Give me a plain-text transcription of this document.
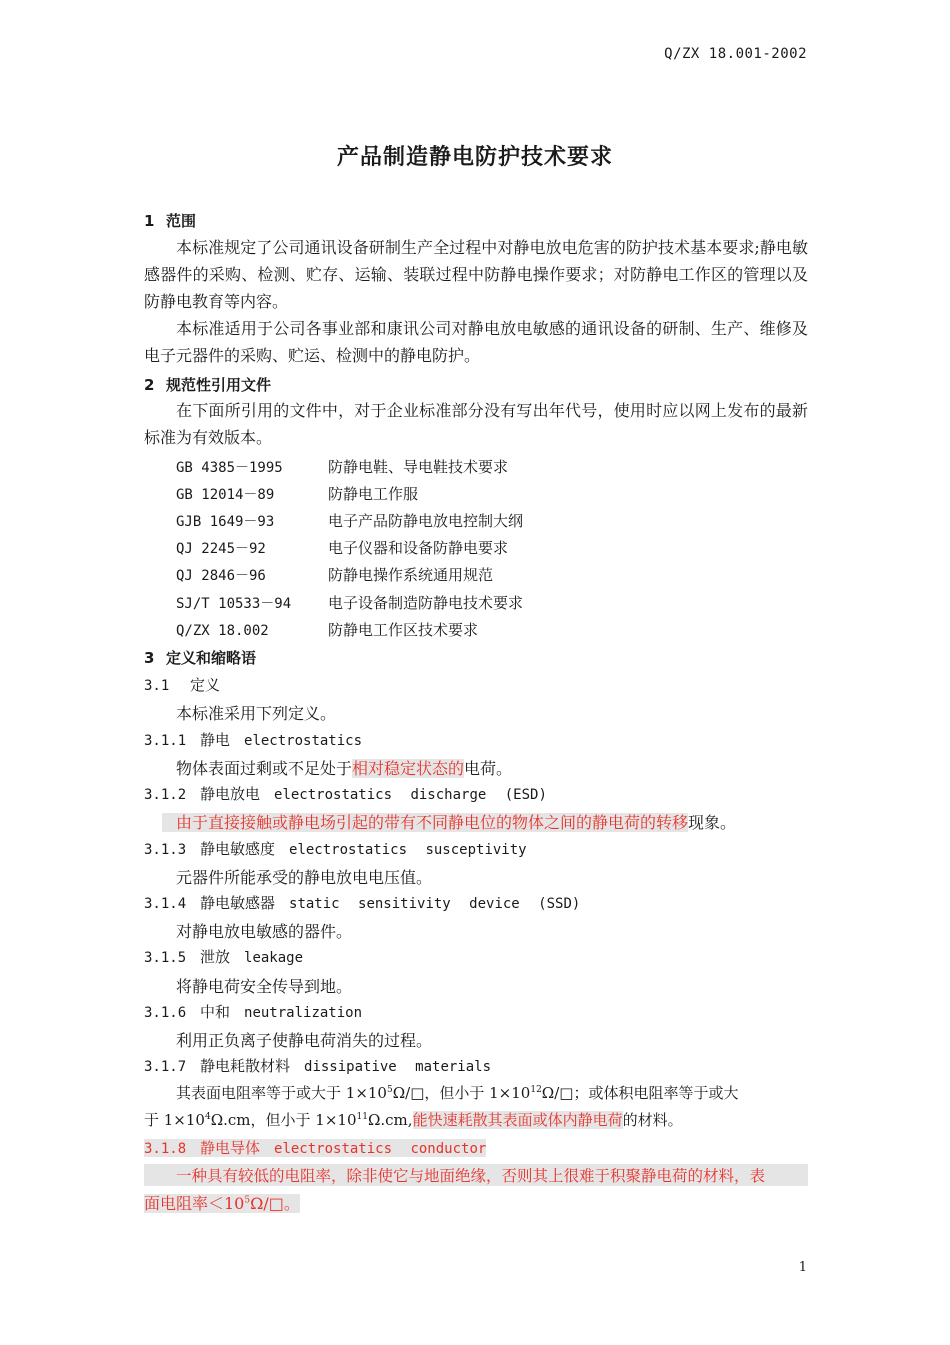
Q/ZX 18.001-2002
产品制造静电防护技术要求
1 范围
本标准规定了公司通讯设备研制生产全过程中对静电放电危害的防护技术基本要求;静电敏感器件的采购、检测、贮存、运输、装联过程中防静电操作要求；对防静电工作区的管理以及防静电教育等内容。
本标准适用于公司各事业部和康讯公司对静电放电敏感的通讯设备的研制、生产、维修及电子元器件的采购、贮运、检测中的静电防护。
2 规范性引用文件
在下面所引用的文件中，对于企业标准部分没有写出年代号，使用时应以网上发布的最新标准为有效版本。
GB 4385－1995	防静电鞋、导电鞋技术要求
GB 12014－89	防静电工作服
GJB 1649－93	电子产品防静电放电控制大纲
QJ 2245－92	电子仪器和设备防静电要求
QJ 2846－96	防静电操作系统通用规范
SJ/T 10533－94 电子设备制造防静电技术要求
Q/ZX 18.002	防静电工作区技术要求
3 定义和缩略语
3.1 定义
本标准采用下列定义。
3.1.1 静电 electrostatics
物体表面过剩或不足处于相对稳定状态的电荷。
3.1.2 静电放电 electrostatics discharge (ESD)
由于直接接触或静电场引起的带有不同静电位的物体之间的静电荷的转移现象。
3.1.3 静电敏感度 electrostatics susceptivity
元器件所能承受的静电放电电压值。
3.1.4 静电敏感器 static sensitivity device (SSD)
对静电放电敏感的器件。
3.1.5 泄放 leakage
将静电荷安全传导到地。
3.1.6 中和 neutralization
利用正负离子使静电荷消失的过程。
3.1.7 静电耗散材料 dissipative materials
其表面电阻率等于或大于 $1\times 10^5\Omega/□$，但小于 $1\times 10^{12}\Omega/□$；或体积电阻率等于或大
于 $1\times 10^4\Omega.cm$，但小于 $1\times 10^{11}\Omega.cm$,能快速耗散其表面或体内静电荷的材料。
3.1.8 静电导体 electrostatics conductor
一种具有较低的电阻率，除非使它与地面绝缘，否则其上很难于积聚静电荷的材料，表
面电阻率$<10^5\Omega/□$。
1
